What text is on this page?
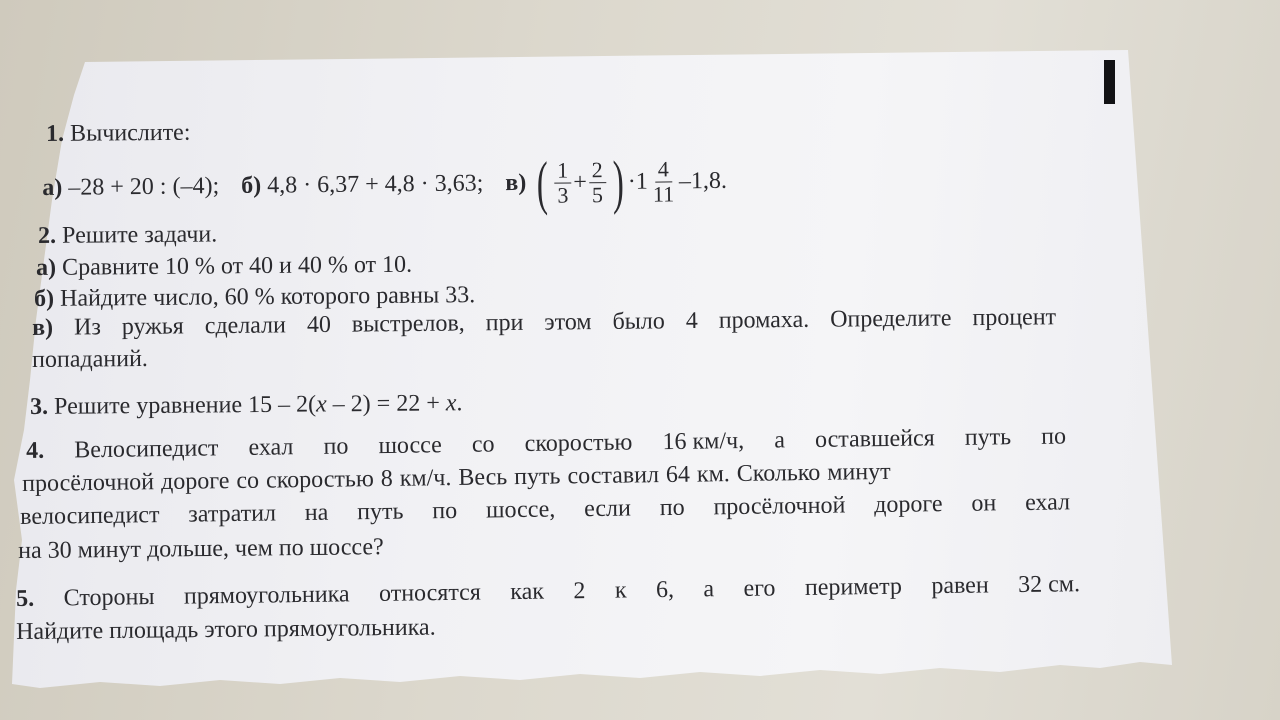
1. Вычислите:
а)
–28 + 20 : (–4); б)
4,8 · 6,37 + 4,8 · 3,63; в)
( $\frac{1}{3} + \frac{2}{5}$ ) · $1 \frac{4}{11} -1,8$.
2. Решите задачи.
а) Сравните 10 % от 40 и 40 % от 10.
б) Найдите число, 60 % которого равны 33.
в) Из ружья сделали 40 выстрелов, при этом было 4 промаха. Определите процент
попаданий.
3. Решите уравнение 15 – 2(x – 2) = 22 + x.
4. Велосипедист ехал по шоссе со скоростью 16 км/ч, а оставшейся путь по
просёлочной дороге со скоростью 8 км/ч. Весь путь составил 64 км. Сколько минут
велосипедист затратил на путь по шоссе, если по просёлочной дороге он ехал
на 30 минут дольше, чем по шоссе?
5. Стороны прямоугольника относятся как 2 к 6, а его периметр равен 32 см.
Найдите площадь этого прямоугольника.
